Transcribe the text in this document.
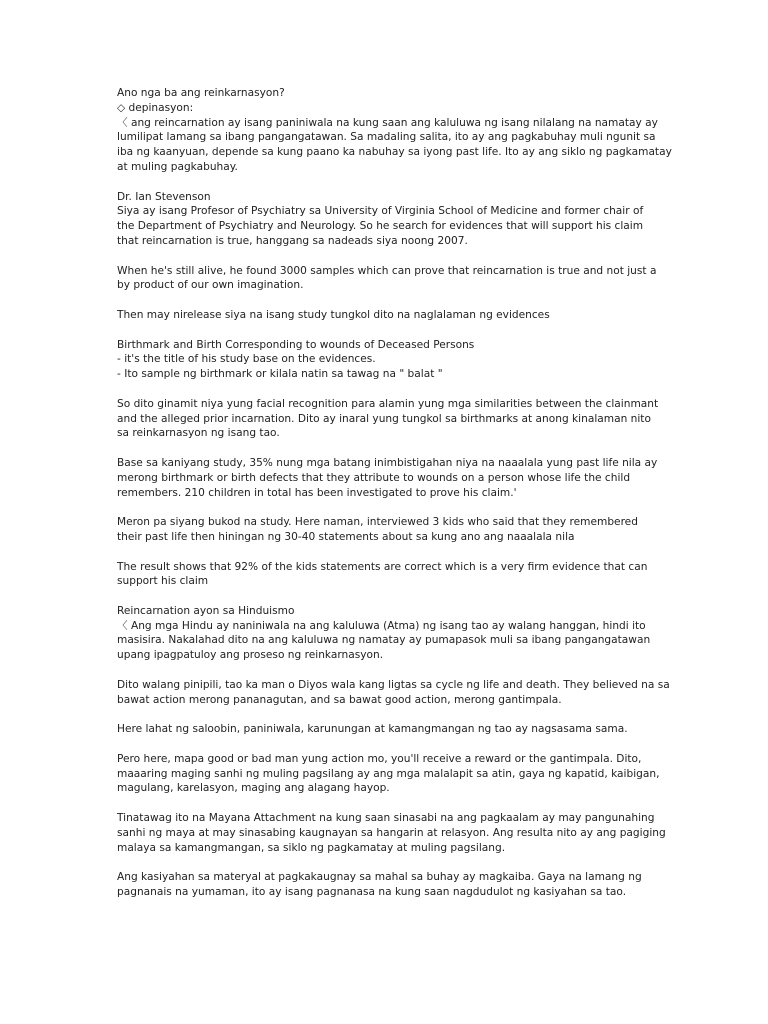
Ano nga ba ang reinkarnasyon?
◇ depinasyon:
〈 ang reincarnation ay isang paniniwala na kung saan ang kaluluwa ng isang nilalang na namatay ay
lumilipat lamang sa ibang pangangatawan. Sa madaling salita, ito ay ang pagkabuhay muli ngunit sa
iba ng kaanyuan, depende sa kung paano ka nabuhay sa iyong past life. Ito ay ang siklo ng pagkamatay
at muling pagkabuhay.
Dr. Ian Stevenson
Siya ay isang Profesor of Psychiatry sa University of Virginia School of Medicine and former chair of
the Department of Psychiatry and Neurology. So he search for evidences that will support his claim
that reincarnation is true, hanggang sa nadeads siya noong 2007.
When he's still alive, he found 3000 samples which can prove that reincarnation is true and not just a
by product of our own imagination.
Then may nirelease siya na isang study tungkol dito na naglalaman ng evidences
Birthmark and Birth Corresponding to wounds of Deceased Persons
- it's the title of his study base on the evidences.
- Ito sample ng birthmark or kilala natin sa tawag na " balat "
So dito ginamit niya yung facial recognition para alamin yung mga similarities between the clainmant
and the alleged prior incarnation. Dito ay inaral yung tungkol sa birthmarks at anong kinalaman nito
sa reinkarnasyon ng isang tao.
Base sa kaniyang study, 35% nung mga batang inimbistigahan niya na naaalala yung past life nila ay
merong birthmark or birth defects that they attribute to wounds on a person whose life the child
remembers. 210 children in total has been investigated to prove his claim.'
Meron pa siyang bukod na study. Here naman, interviewed 3 kids who said that they remembered
their past life then hiningan ng 30-40 statements about sa kung ano ang naaalala nila
The result shows that 92% of the kids statements are correct which is a very firm evidence that can
support his claim
Reincarnation ayon sa Hinduismo
〈 Ang mga Hindu ay naniniwala na ang kaluluwa (Atma) ng isang tao ay walang hanggan, hindi ito
masisira. Nakalahad dito na ang kaluluwa ng namatay ay pumapasok muli sa ibang pangangatawan
upang ipagpatuloy ang proseso ng reinkarnasyon.
Dito walang pinipili, tao ka man o Diyos wala kang ligtas sa cycle ng life and death. They believed na sa
bawat action merong pananagutan, and sa bawat good action, merong gantimpala.
Here lahat ng saloobin, paniniwala, karunungan at kamangmangan ng tao ay nagsasama sama.
Pero here, mapa good or bad man yung action mo, you'll receive a reward or the gantimpala. Dito,
maaaring maging sanhi ng muling pagsilang ay ang mga malalapit sa atin, gaya ng kapatid, kaibigan,
magulang, karelasyon, maging ang alagang hayop.
Tinatawag ito na Mayana Attachment na kung saan sinasabi na ang pagkaalam ay may pangunahing
sanhi ng maya at may sinasabing kaugnayan sa hangarin at relasyon. Ang resulta nito ay ang pagiging
malaya sa kamangmangan, sa siklo ng pagkamatay at muling pagsilang.
Ang kasiyahan sa materyal at pagkakaugnay sa mahal sa buhay ay magkaiba. Gaya na lamang ng
pagnanais na yumaman, ito ay isang pagnanasa na kung saan nagdudulot ng kasiyahan sa tao.
